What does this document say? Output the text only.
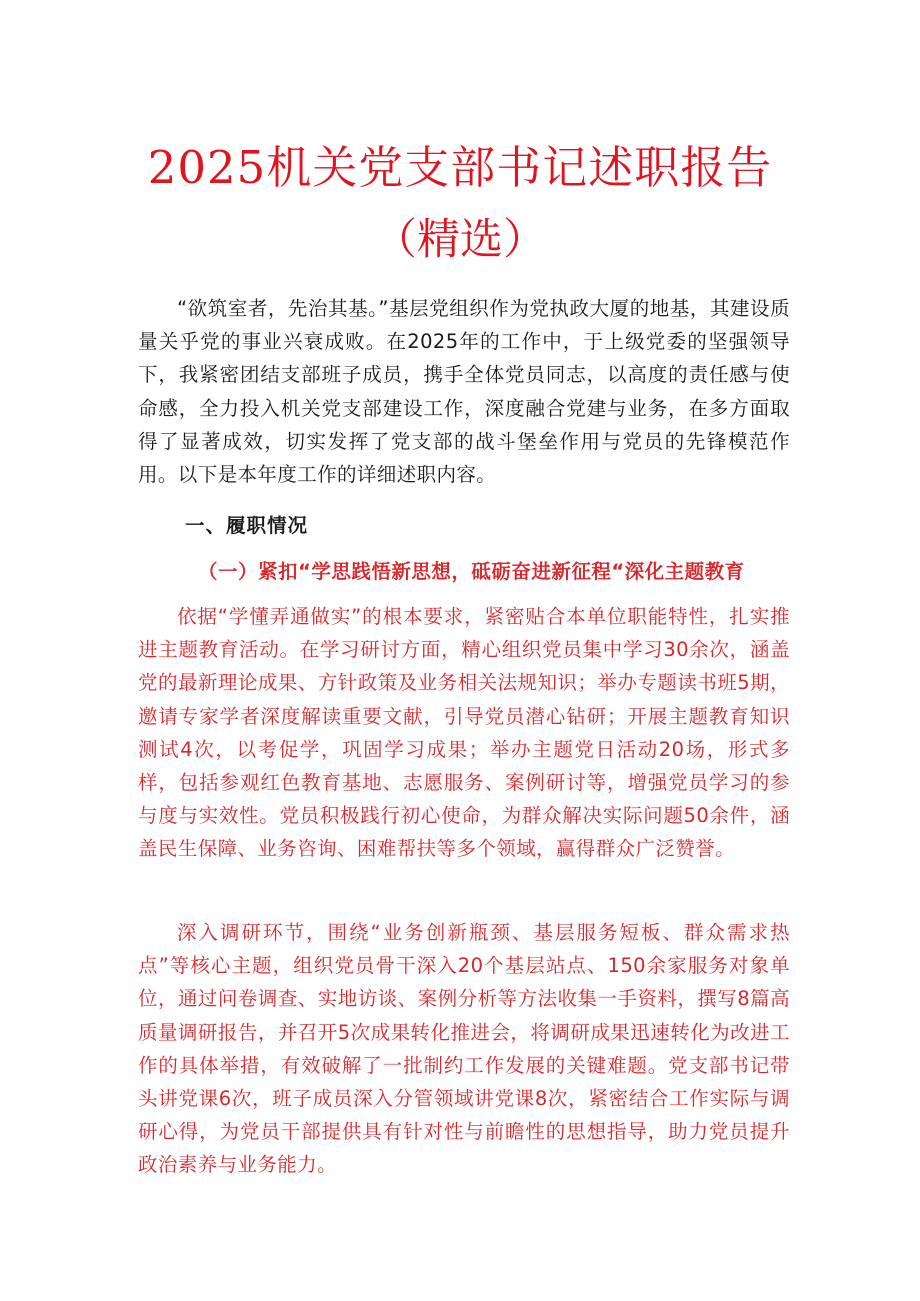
2025机关党支部书记述职报告
（精选）

“欲筑室者，先治其基。”基层党组织作为党执政大厦的地基，其建设质量关乎党的事业兴衰成败。在2025年的工作中，于上级党委的坚强领导下，我紧密团结支部班子成员，携手全体党员同志，以高度的责任感与使命感，全力投入机关党支部建设工作，深度融合党建与业务，在多方面取得了显著成效，切实发挥了党支部的战斗堡垒作用与党员的先锋模范作用。以下是本年度工作的详细述职内容。

一、履职情况
（一）紧扣“学思践悟新思想，砥砺奋进新征程“深化主题教育

依据“学懂弄通做实”的根本要求，紧密贴合本单位职能特性，扎实推进主题教育活动。在学习研讨方面，精心组织党员集中学习30余次，涵盖党的最新理论成果、方针政策及业务相关法规知识；举办专题读书班5期，邀请专家学者深度解读重要文献，引导党员潜心钻研；开展主题教育知识测试4次，以考促学，巩固学习成果；举办主题党日活动20场，形式多样，包括参观红色教育基地、志愿服务、案例研讨等，增强党员学习的参与度与实效性。党员积极践行初心使命，为群众解决实际问题50余件，涵盖民生保障、业务咨询、困难帮扶等多个领域，赢得群众广泛赞誉。

深入调研环节，围绕“业务创新瓶颈、基层服务短板、群众需求热点”等核心主题，组织党员骨干深入20个基层站点、150余家服务对象单位，通过问卷调查、实地访谈、案例分析等方法收集一手资料，撰写8篇高质量调研报告，并召开5次成果转化推进会，将调研成果迅速转化为改进工作的具体举措，有效破解了一批制约工作发展的关键难题。党支部书记带头讲党课6次，班子成员深入分管领域讲党课8次，紧密结合工作实际与调研心得，为党员干部提供具有针对性与前瞻性的思想指导，助力党员提升政治素养与业务能力。
